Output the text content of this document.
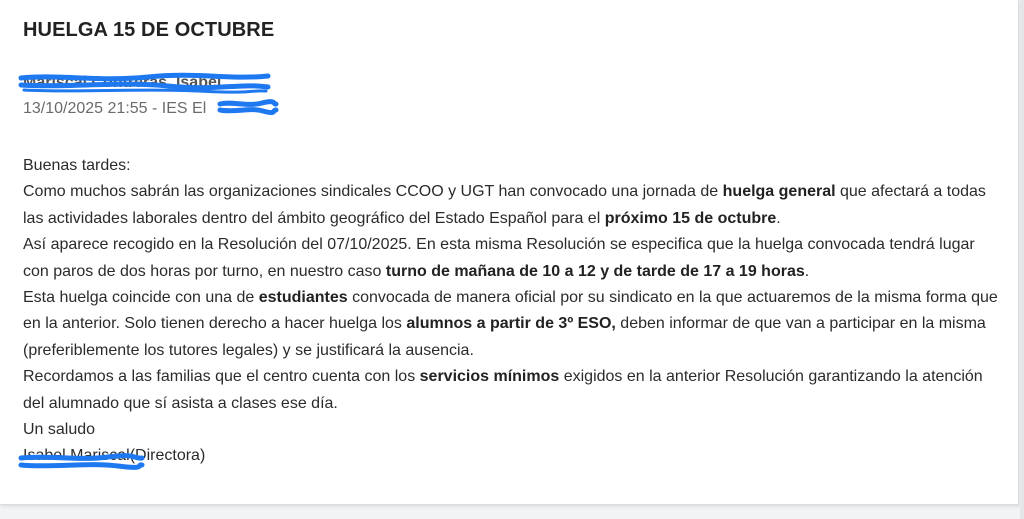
HUELGA 15 DE OCTUBRE
Mariscal Contreras, Isabel
13/10/2025 21:55 - IES El

Buenas tardes:

Como muchos sabrán las organizaciones sindicales CCOO y UGT han convocado una jornada de huelga general que afectará a todas las actividades laborales dentro del ámbito geográfico del Estado Español para el próximo 15 de octubre.

Así aparece recogido en la Resolución del 07/10/2025. En esta misma Resolución se especifica que la huelga convocada tendrá lugar con paros de dos horas por turno, en nuestro caso turno de mañana de 10 a 12 y de tarde de 17 a 19 horas.

Esta huelga coincide con una de estudiantes convocada de manera oficial por su sindicato en la que actuaremos de la misma forma que en la anterior. Solo tienen derecho a hacer huelga los alumnos a partir de 3º ESO, deben informar de que van a participar en la misma (preferiblemente los tutores legales) y se justificará la ausencia.

Recordamos a las familias que el centro cuenta con los servicios mínimos exigidos en la anterior Resolución garantizando la atención del alumnado que sí asista a clases ese día.

Un saludo

Isabel Mariscal(Directora)
